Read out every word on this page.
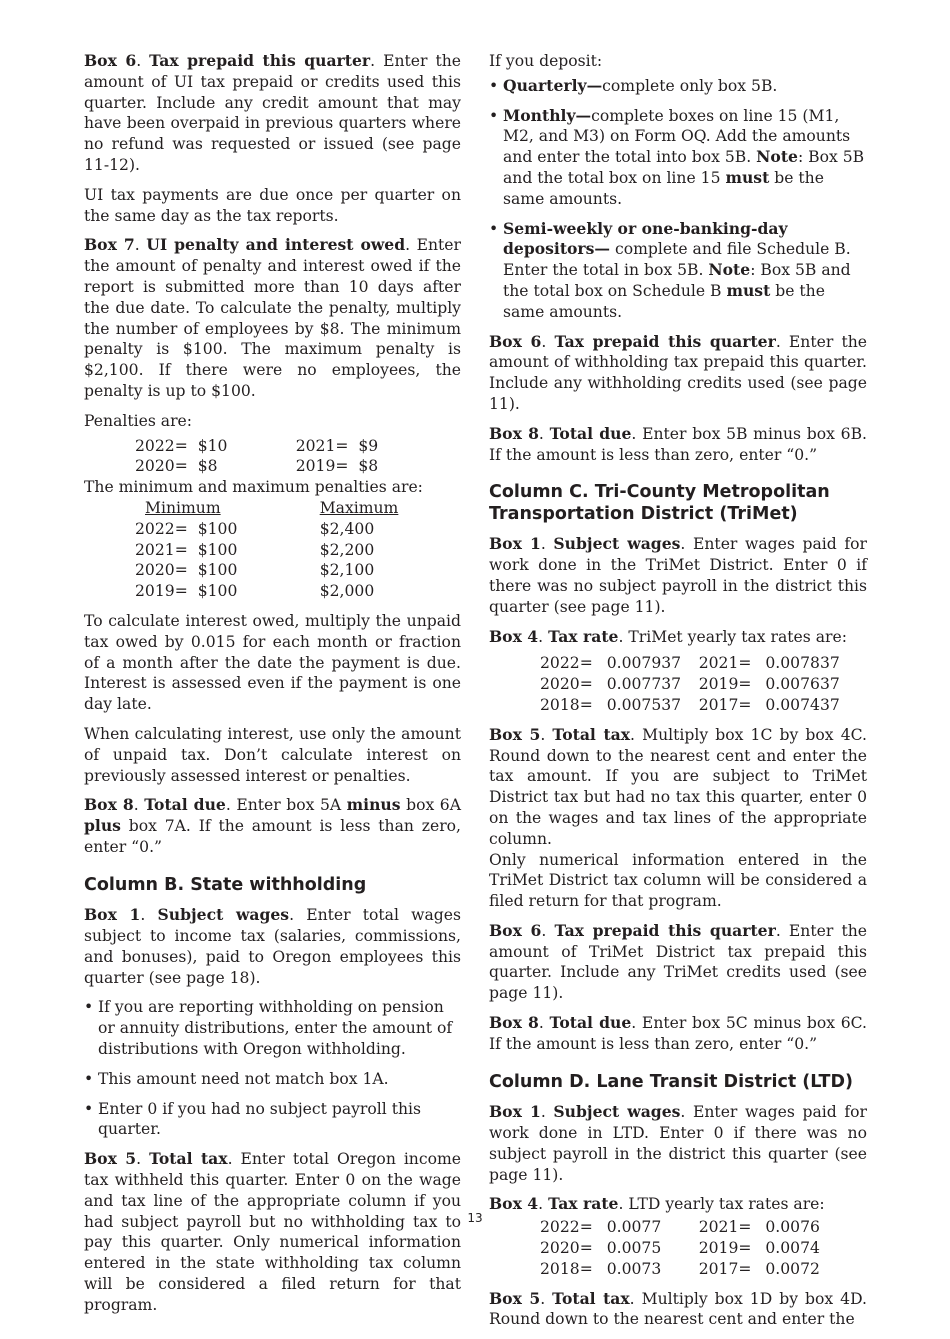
Box 6. Tax prepaid this quarter. Enter the amount of UI tax prepaid or credits used this quarter. Include any credit amount that may have been overpaid in previous quarters where no refund was requested or issued (see page 11-12).

UI tax payments are due once per quarter on the same day as the tax reports.

Box 7. UI penalty and interest owed. Enter the amount of penalty and interest owed if the report is submitted more than 10 days after the due date. To calculate the penalty, multiply the number of employees by $8. The minimum penalty is $100. The maximum penalty is $2,100. If there were no employees, the penalty is up to $100.

Penalties are:

2022	=	$10	2021	=	$9
2020	=	$8	2019	=	$8
The minimum and maximum penalties are:
Minimum			Maximum
2022	=	$100	$2,400
2021	=	$100	$2,200
2020	=	$100	$2,100
2019	=	$100	$2,000

To calculate interest owed, multiply the unpaid tax owed by 0.015 for each month or fraction of a month after the date the payment is due. Interest is assessed even if the payment is one day late.

When calculating interest, use only the amount of unpaid tax. Don’t calculate interest on previously assessed interest or penalties.

Box 8. Total due. Enter box 5A minus box 6A plus box 7A. If the amount is less than zero, enter “0.”

Column B. State withholding

Box 1. Subject wages. Enter total wages subject to income tax (salaries, commissions, and bonuses), paid to Oregon employees this quarter (see page 18).

• If you are reporting withholding on pension or annuity distributions, enter the amount of distributions with Oregon withholding.

• This amount need not match box 1A.

• Enter 0 if you had no subject payroll this quarter.

Box 5. Total tax. Enter total Oregon income tax withheld this quarter. Enter 0 on the wage and tax line of the appropriate column if you had subject payroll but no withholding tax to pay this quarter. Only numerical information entered in the state withholding tax column will be considered a filed return for that program.

If you deposit:

• Quarterly—complete only box 5B.

• Monthly—complete boxes on line 15 (M1, M2, and M3) on Form OQ. Add the amounts and enter the total into box 5B. Note: Box 5B and the total box on line 15 must be the same amounts.

• Semi-weekly or one-banking-day depositors— complete and file Schedule B. Enter the total in box 5B. Note: Box 5B and the total box on Schedule B must be the same amounts.

Box 6. Tax prepaid this quarter. Enter the amount of withholding tax prepaid this quarter. Include any withholding credits used (see page 11).

Box 8. Total due. Enter box 5B minus box 6B. If the amount is less than zero, enter “0.”

Column C. Tri-County Metropolitan Transportation District (TriMet)

Box 1. Subject wages. Enter wages paid for work done in the TriMet District. Enter 0 if there was no subject payroll in the district this quarter (see page 11).

Box 4. Tax rate. TriMet yearly tax rates are:

2022	=	0.007937	2021	=	0.007837
2020	=	0.007737	2019	=	0.007637
2018	=	0.007537	2017	=	0.007437

Box 5. Total tax. Multiply box 1C by box 4C. Round down to the nearest cent and enter the tax amount. If you are subject to TriMet District tax but had no tax this quarter, enter 0 on the wages and tax lines of the appropriate column.

Only numerical information entered in the TriMet District tax column will be considered a filed return for that program.

Box 6. Tax prepaid this quarter. Enter the amount of TriMet District tax prepaid this quarter. Include any TriMet credits used (see page 11).

Box 8. Total due. Enter box 5C minus box 6C. If the amount is less than zero, enter “0.”

Column D. Lane Transit District (LTD)

Box 1. Subject wages. Enter wages paid for work done in LTD. Enter 0 if there was no subject payroll in the district this quarter (see page 11).

Box 4. Tax rate. LTD yearly tax rates are:

2022	=	0.0077	2021	=	0.0076
2020	=	0.0075	2019	=	0.0074
2018	=	0.0073	2017	=	0.0072

Box 5. Total tax. Multiply box 1D by box 4D. Round down to the nearest cent and enter the

13
